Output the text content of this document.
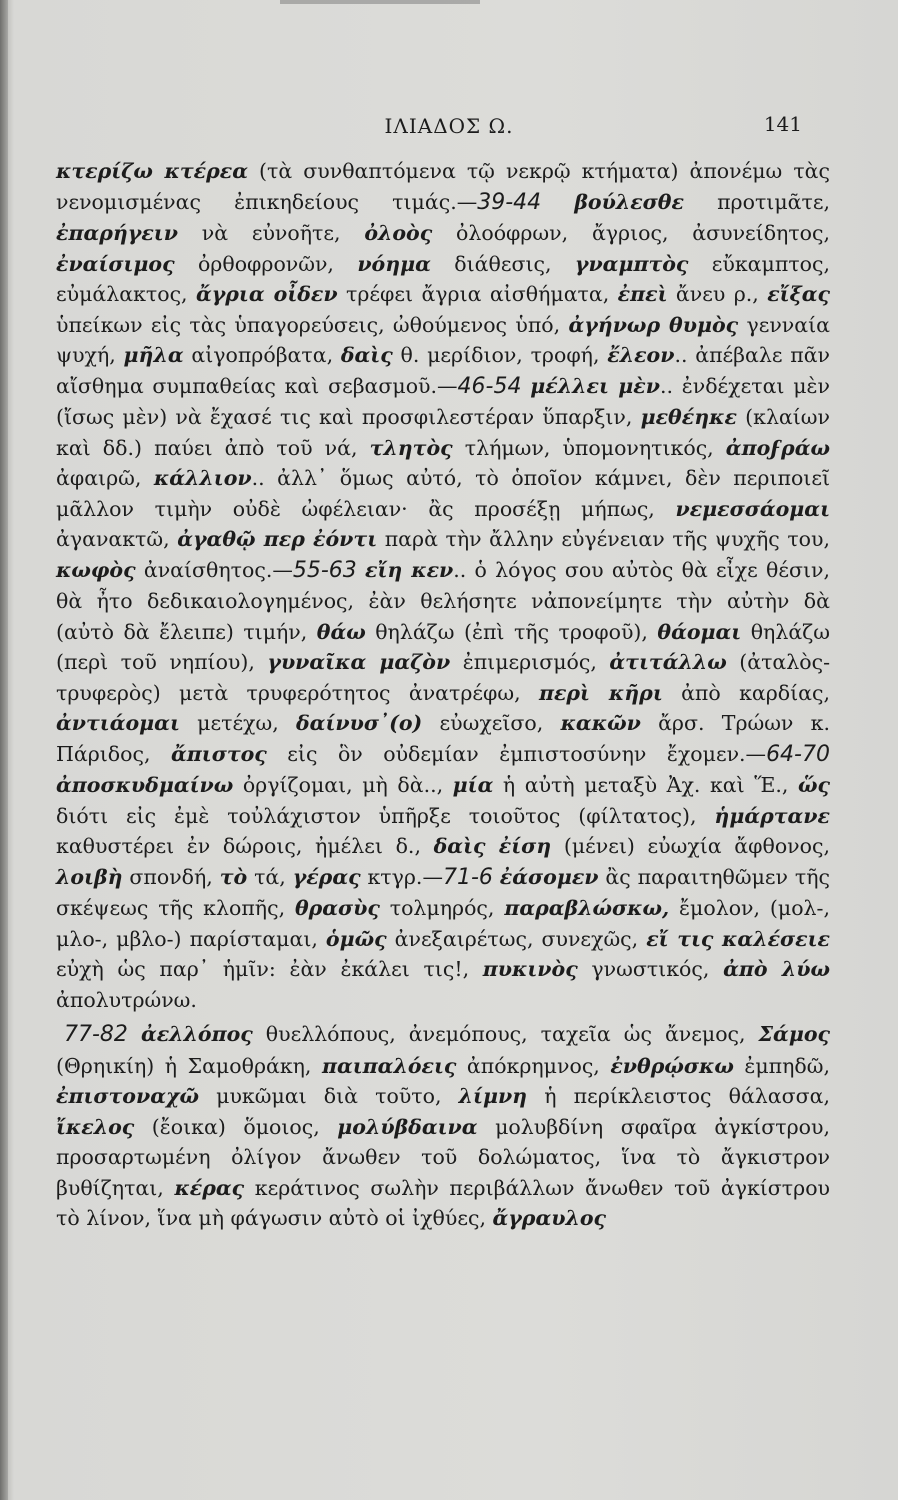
ΙΛΙΑΔΟΣ Ω.	141

κτερίζω κτέρεα (τὰ συνθαπτόμενα τῷ νεκρῷ κτήματα) ἀπονέμω τὰς νενομισμένας ἐπικηδείους τιμάς.—39-44 βούλεσθε προτιμᾶτε, ἐπαρήγειν νὰ εὐνοῆτε, ὀλοὸς ὀλοόφρων, ἄγριος, ἀσυνείδητος, ἐναίσιμος ὀρθοφρονῶν, νόημα διάθεσις, γναμπτὸς εὔκαμπτος, εὐμάλακτος, ἄγρια οἶδεν τρέφει ἄγρια αἰσθήματα, ἐπεὶ ἄνευ ρ., εἴξας ὑπείκων εἰς τὰς ὑπαγορεύσεις, ὠθούμενος ὑπό, ἀγήνωρ θυμὸς γενναία ψυχή, μῆλα αἰγοπρόβατα, δαὶς θ. μερίδιον, τροφή, ἔλεον.. ἀπέβαλε πᾶν αἴσθημα συμπαθείας καὶ σεβασμοῦ.—46-54 μέλλει μὲν.. ἐνδέχεται μὲν (ἴσως μὲν) νὰ ἔχασέ τις καὶ προσφιλεστέραν ὕπαρξιν, μεθέηκε (κλαίων καὶ δδ.) παύει ἀπὸ τοῦ νά, τλητὸς τλήμων, ὑπομονητικός, ἀποϝράω ἀφαιρῶ, κάλλιον.. ἀλλ᾽ ὅμως αὐτό, τὸ ὁποῖον κάμνει, δὲν περιποιεῖ μᾶλλον τιμὴν οὐδὲ ὠφέλειαν· ἂς προσέξῃ μήπως, νεμεσσάομαι ἀγανακτῶ, ἀγαθῷ περ ἐόντι παρὰ τὴν ἄλλην εὐγένειαν τῆς ψυχῆς του, κωφὸς ἀναίσθητος.—55-63 εἴη κεν.. ὁ λόγος σου αὐτὸς θὰ εἶχε θέσιν, θὰ ἦτο δεδικαιολογημένος, ἐὰν θελήσητε νἀπονείμητε τὴν αὐτὴν δὰ (αὐτὸ δὰ ἔλειπε) τιμήν, θάω θηλάζω (ἐπὶ τῆς τροφοῦ), θάομαι θηλάζω (περὶ τοῦ νηπίου), γυναῖκα μαζὸν ἐπιμερισμός, ἀτιτάλλω (ἀταλὸς-τρυφερὸς) μετὰ τρυφερότητος ἀνατρέφω, περὶ κῆρι ἀπὸ καρδίας, ἀντιάομαι μετέχω, δαίνυσ᾽(ο) εὐωχεῖσο, κακῶν ἄρσ. Τρώων κ. Πάριδος, ἄπιστος εἰς ὃν οὐδεμίαν ἐμπιστοσύνην ἔχομεν.—64-70 ἀποσκυδμαίνω ὀργίζομαι, μὴ δὰ.., μία ἡ αὐτὴ μεταξὺ Ἀχ. καὶ Ἕ., ὥς διότι εἰς ἐμὲ τοὐλάχιστον ὑπῆρξε τοιοῦτος (φίλτατος), ἡμάρτανε καθυστέρει ἐν δώροις, ἠμέλει δ., δαὶς ἐίση (μένει) εὐωχία ἄφθονος, λοιβὴ σπονδή, τὸ τά, γέρας κτγρ.—71-6 ἐάσομεν ἂς παραιτηθῶμεν τῆς σκέψεως τῆς κλοπῆς, θρασὺς τολμηρός, παραβλώσκω, ἔμολον, (μολ-, μλο-, μβλο-) παρίσταμαι, ὁμῶς ἀνεξαιρέτως, συνεχῶς, εἴ τις καλέσειε εὐχὴ ὡς παρ᾽ ἡμῖν: ἐὰν ἐκάλει τις!, πυκινὸς γνωστικός, ἀπὸ λύω ἀπολυτρώνω.

77-82 ἀελλόπος θυελλόπους, ἀνεμόπους, ταχεῖα ὡς ἄνεμος, Σάμος (Θρηικίη) ἡ Σαμοθράκη, παιπαλόεις ἀπόκρημνος, ἐνθρῴσκω ἐμπηδῶ, ἐπιστοναχῶ μυκῶμαι διὰ τοῦτο, λίμνη ἡ περίκλειστος θάλασσα, ἴκελος (ἔοικα) ὅμοιος, μολύβδαινα μολυβδίνη σφαῖρα ἀγκίστρου, προσαρτωμένη ὀλίγον ἄνωθεν τοῦ δολώματος, ἵνα τὸ ἄγκιστρον βυθίζηται, κέρας κεράτινος σωλὴν περιβάλλων ἄνωθεν τοῦ ἀγκίστρου τὸ λίνον, ἵνα μὴ φάγωσιν αὐτὸ οἱ ἰχθύες, ἄγραυλος
